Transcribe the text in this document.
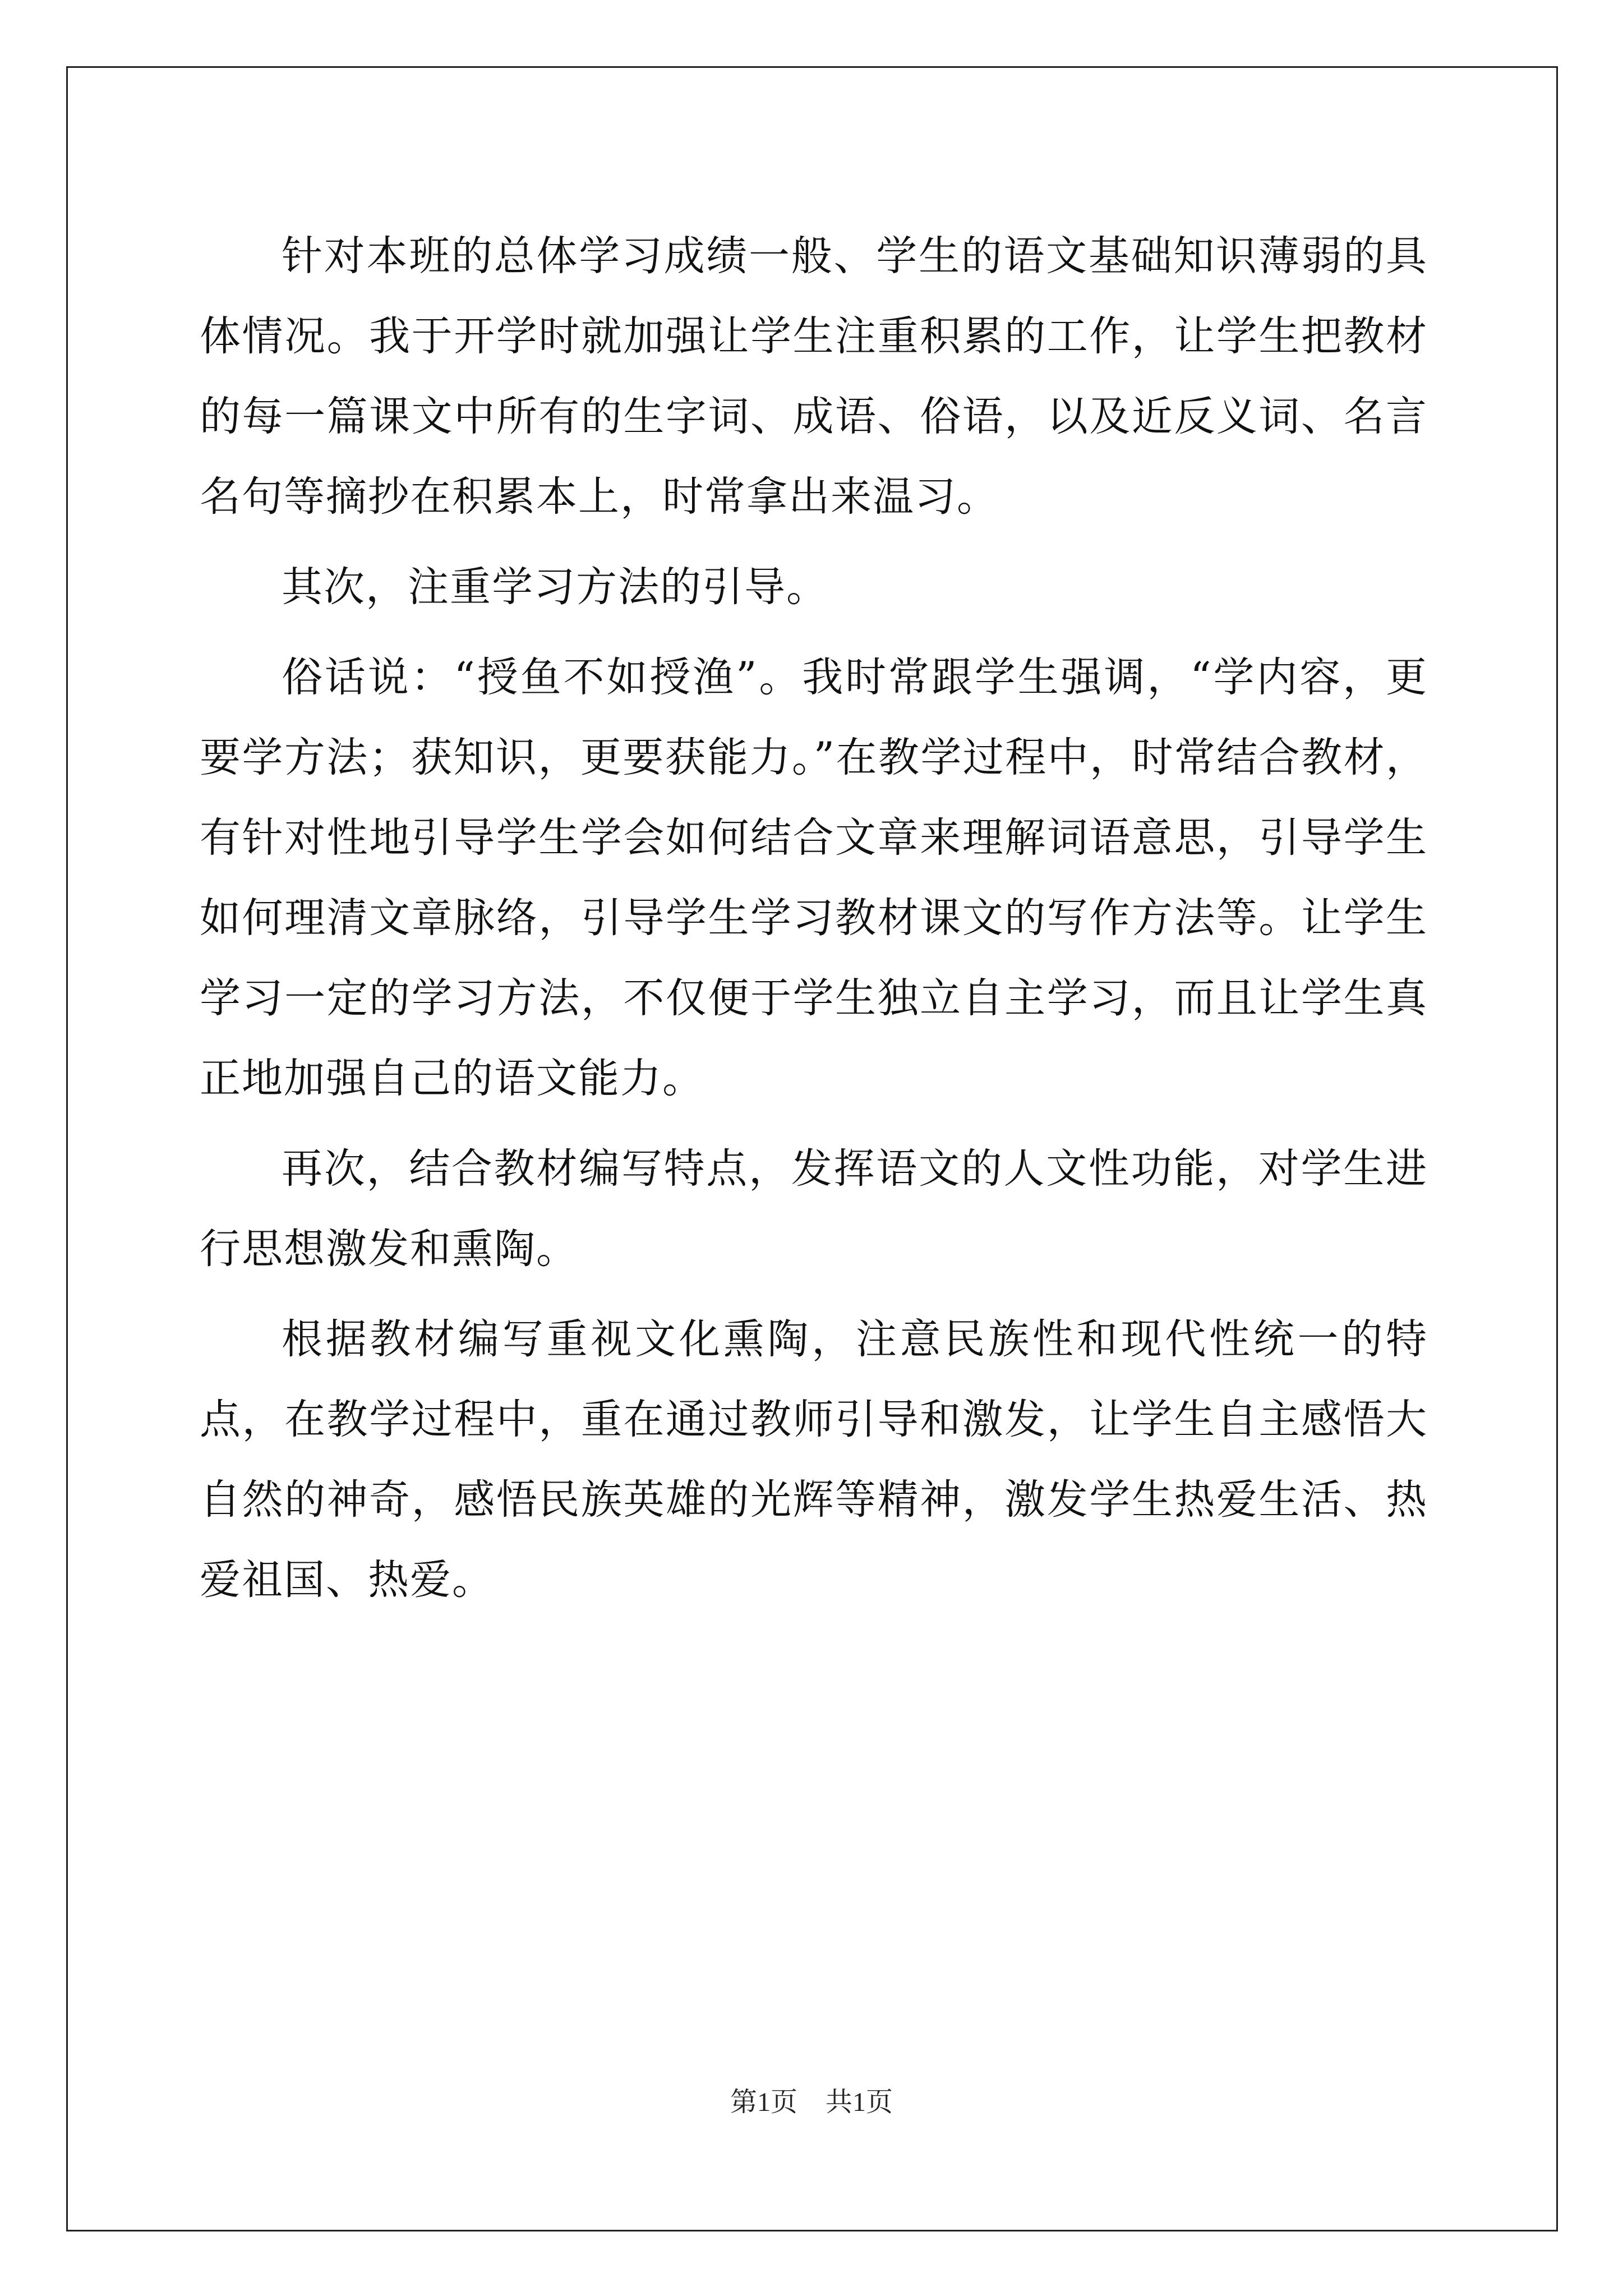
针对本班的总体学习成绩一般、学生的语文基础知识薄弱的具体情况。我于开学时就加强让学生注重积累的工作，让学生把教材的每一篇课文中所有的生字词、成语、俗语，以及近反义词、名言名句等摘抄在积累本上，时常拿出来温习。

其次，注重学习方法的引导。

俗话说：“授鱼不如授渔”。我时常跟学生强调，“学内容，更要学方法；获知识，更要获能力。”在教学过程中，时常结合教材，有针对性地引导学生学会如何结合文章来理解词语意思，引导学生如何理清文章脉络，引导学生学习教材课文的写作方法等。让学生学习一定的学习方法，不仅便于学生独立自主学习，而且让学生真正地加强自己的语文能力。

再次，结合教材编写特点，发挥语文的人文性功能，对学生进行思想激发和熏陶。

根据教材编写重视文化熏陶，注意民族性和现代性统一的特点，在教学过程中，重在通过教师引导和激发，让学生自主感悟大自然的神奇，感悟民族英雄的光辉等精神，激发学生热爱生活、热爱祖国、热爱。

第1页 共1页
